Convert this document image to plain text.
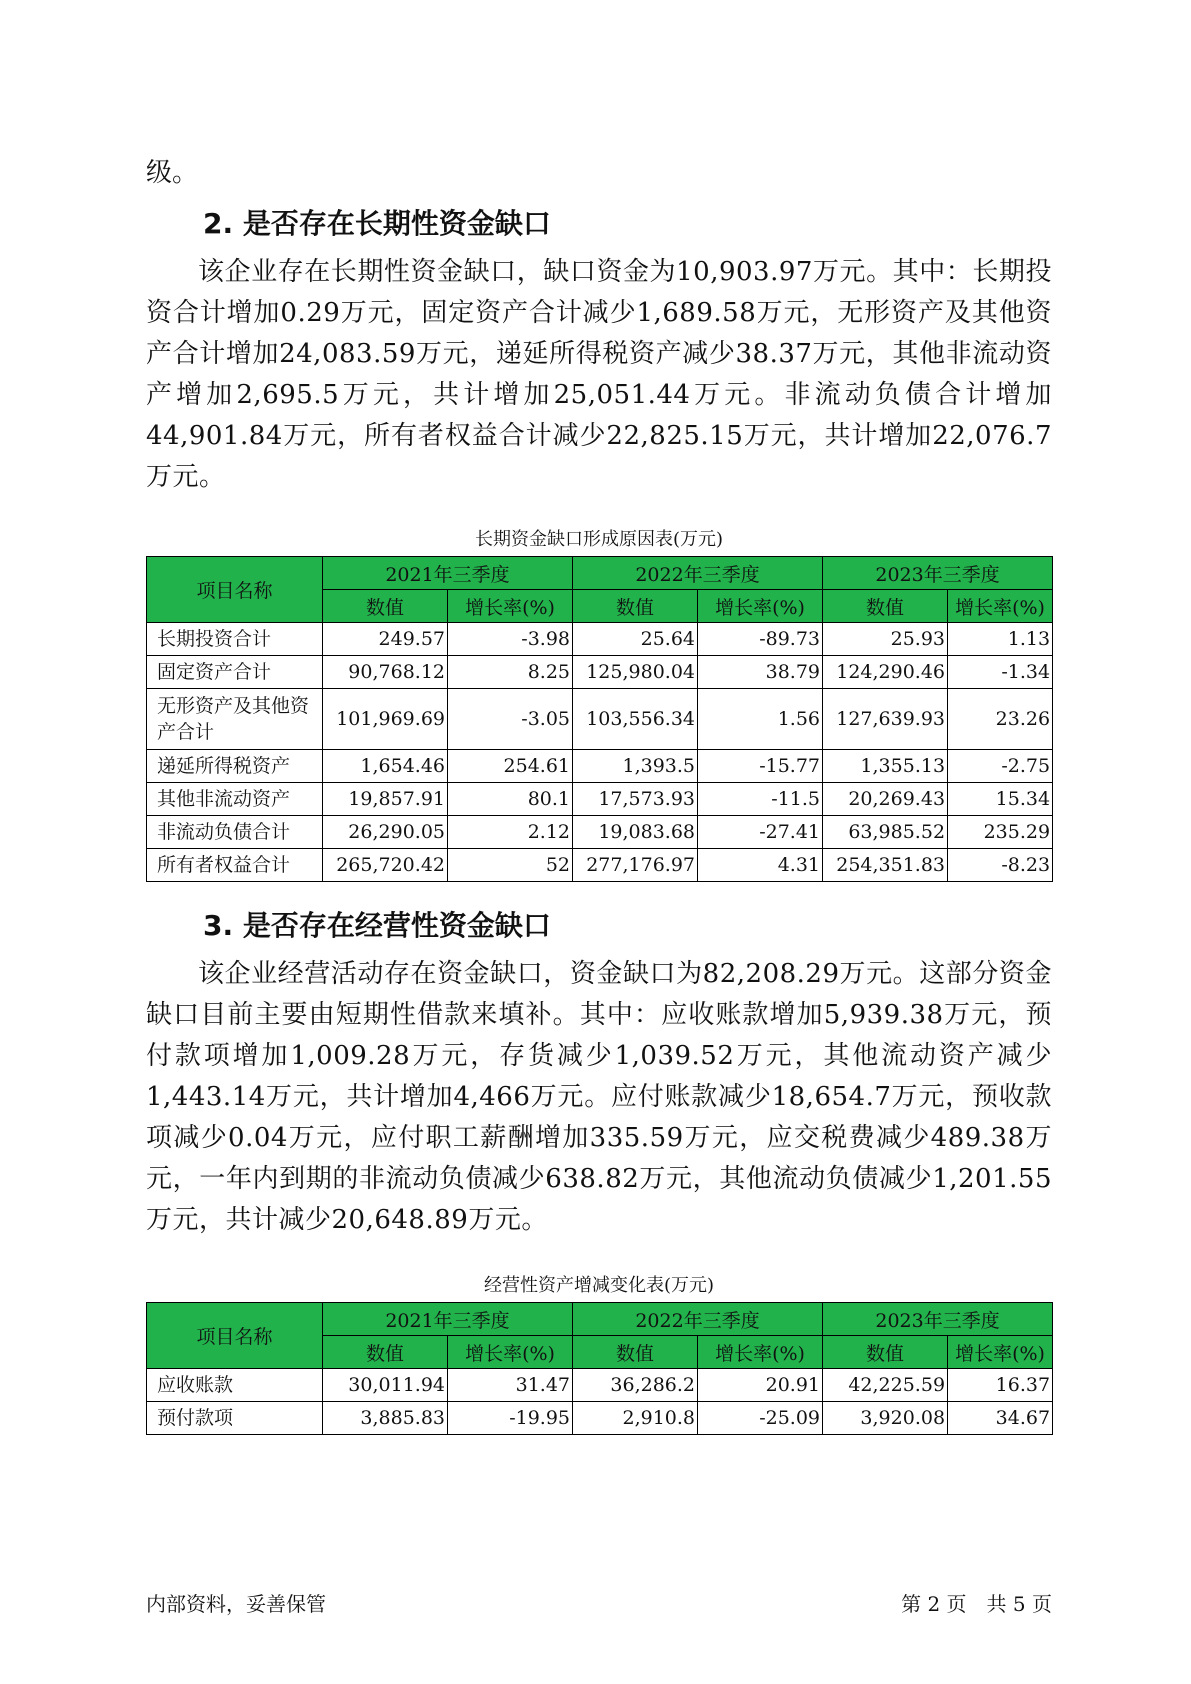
级。

2. 是否存在长期性资金缺口

该企业存在长期性资金缺口，缺口资金为10,903.97万元。其中：长期投资合计增加0.29万元，固定资产合计减少1,689.58万元，无形资产及其他资产合计增加24,083.59万元，递延所得税资产减少38.37万元，其他非流动资产增加2,695.5万元，共计增加25,051.44万元。非流动负债合计增加44,901.84万元，所有者权益合计减少22,825.15万元，共计增加22,076.7万元。

长期资金缺口形成原因表(万元)

项目名称	2021年三季度		2022年三季度		2023年三季度	
	数值	增长率(%)	数值	增长率(%)	数值	增长率(%)
长期投资合计	249.57	-3.98	25.64	-89.73	25.93	1.13
固定资产合计	90,768.12	8.25	125,980.04	38.79	124,290.46	-1.34
无形资产及其他资产合计	101,969.69	-3.05	103,556.34	1.56	127,639.93	23.26
递延所得税资产	1,654.46	254.61	1,393.5	-15.77	1,355.13	-2.75
其他非流动资产	19,857.91	80.1	17,573.93	-11.5	20,269.43	15.34
非流动负债合计	26,290.05	2.12	19,083.68	-27.41	63,985.52	235.29
所有者权益合计	265,720.42	52	277,176.97	4.31	254,351.83	-8.23
3. 是否存在经营性资金缺口

该企业经营活动存在资金缺口，资金缺口为82,208.29万元。这部分资金缺口目前主要由短期性借款来填补。其中：应收账款增加5,939.38万元，预付款项增加1,009.28万元，存货减少1,039.52万元，其他流动资产减少1,443.14万元，共计增加4,466万元。应付账款减少18,654.7万元，预收款项减少0.04万元，应付职工薪酬增加335.59万元，应交税费减少489.38万元，一年内到期的非流动负债减少638.82万元，其他流动负债减少1,201.55万元，共计减少20,648.89万元。

经营性资产增减变化表(万元)

项目名称	2021年三季度		2022年三季度		2023年三季度	
	数值	增长率(%)	数值	增长率(%)	数值	增长率(%)
应收账款	30,011.94	31.47	36,286.2	20.91	42,225.59	16.37
预付款项	3,885.83	-19.95	2,910.8	-25.09	3,920.08	34.67

内部资料，妥善保管	第 2 页　共 5 页
